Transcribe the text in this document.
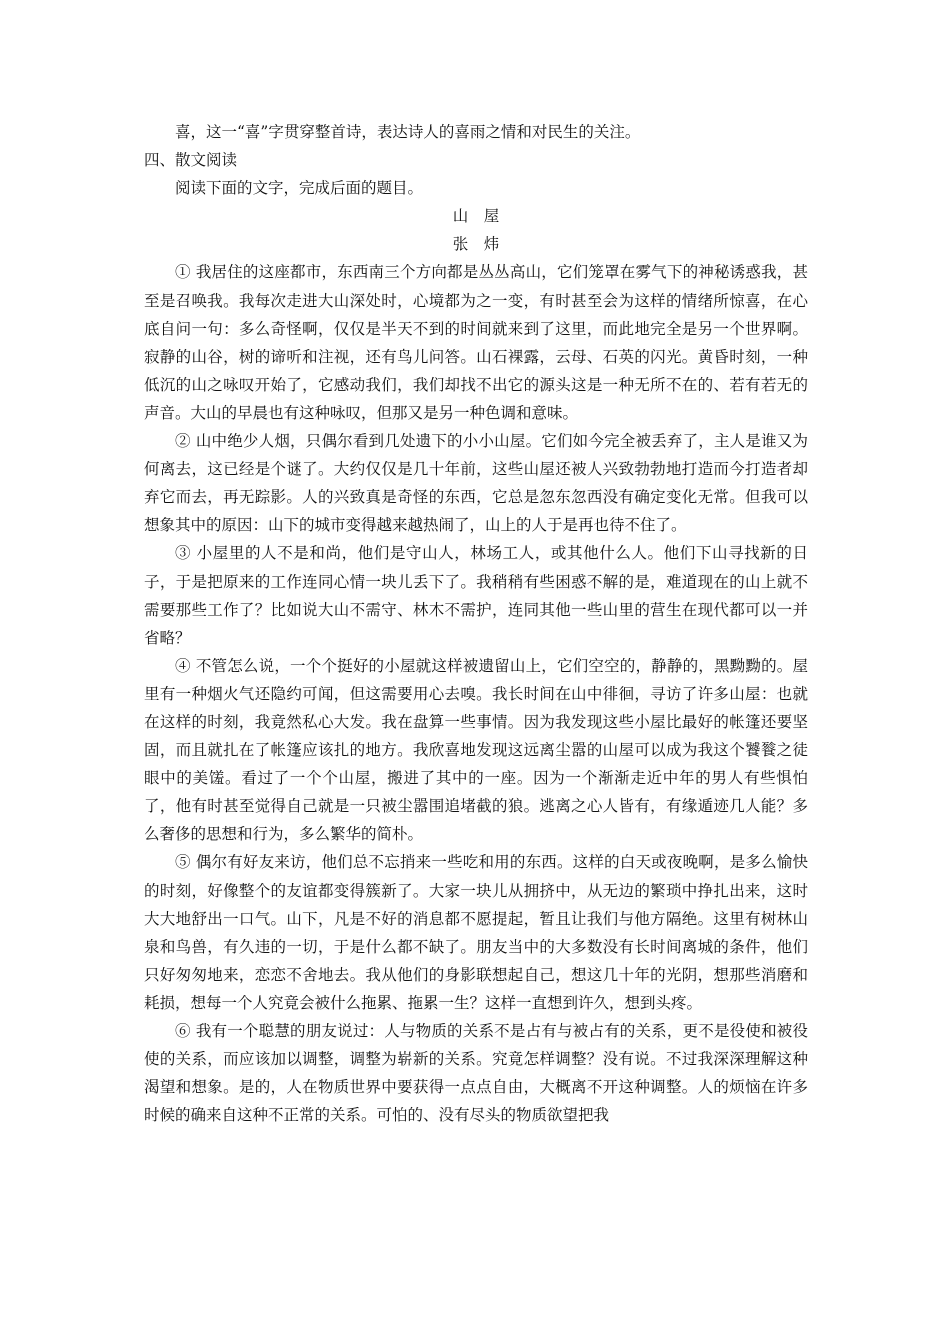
喜，这一“喜”字贯穿整首诗，表达诗人的喜雨之情和对民生的关注。
四、散文阅读
阅读下面的文字，完成后面的题目。
山　屋
张　炜

① 我居住的这座都市，东西南三个方向都是丛丛高山，它们笼罩在雾气下的神秘诱惑我，甚至是召唤我。我每次走进大山深处时，心境都为之一变，有时甚至会为这样的情绪所惊喜，在心底自问一句：多么奇怪啊，仅仅是半天不到的时间就来到了这里，而此地完全是另一个世界啊。寂静的山谷，树的谛听和注视，还有鸟儿问答。山石裸露，云母、石英的闪光。黄昏时刻，一种低沉的山之咏叹开始了，它感动我们，我们却找不出它的源头这是一种无所不在的、若有若无的声音。大山的早晨也有这种咏叹，但那又是另一种色调和意味。

② 山中绝少人烟，只偶尔看到几处遗下的小小山屋。它们如今完全被丢弃了，主人是谁又为何离去，这已经是个谜了。大约仅仅是几十年前，这些山屋还被人兴致勃勃地打造而今打造者却弃它而去，再无踪影。人的兴致真是奇怪的东西，它总是忽东忽西没有确定变化无常。但我可以想象其中的原因：山下的城市变得越来越热闹了，山上的人于是再也待不住了。

③ 小屋里的人不是和尚，他们是守山人，林场工人，或其他什么人。他们下山寻找新的日子，于是把原来的工作连同心情一块儿丢下了。我稍稍有些困惑不解的是，难道现在的山上就不需要那些工作了？比如说大山不需守、林木不需护，连同其他一些山里的营生在现代都可以一并省略？

④ 不管怎么说，一个个挺好的小屋就这样被遗留山上，它们空空的，静静的，黑黝黝的。屋里有一种烟火气还隐约可闻，但这需要用心去嗅。我长时间在山中徘徊，寻访了许多山屋：也就在这样的时刻，我竟然私心大发。我在盘算一些事情。因为我发现这些小屋比最好的帐篷还要坚固，而且就扎在了帐篷应该扎的地方。我欣喜地发现这远离尘嚣的山屋可以成为我这个饕餮之徒眼中的美馐。看过了一个个山屋，搬进了其中的一座。因为一个渐渐走近中年的男人有些惧怕了，他有时甚至觉得自己就是一只被尘嚣围追堵截的狼。逃离之心人皆有，有缘遁迹几人能？多么奢侈的思想和行为，多么繁华的简朴。

⑤ 偶尔有好友来访，他们总不忘捎来一些吃和用的东西。这样的白天或夜晚啊，是多么愉快的时刻，好像整个的友谊都变得簇新了。大家一块儿从拥挤中，从无边的繁琐中挣扎出来，这时大大地舒出一口气。山下，凡是不好的消息都不愿提起，暂且让我们与他方隔绝。这里有树林山泉和鸟兽，有久违的一切，于是什么都不缺了。朋友当中的大多数没有长时间离城的条件，他们只好匆匆地来，恋恋不舍地去。我从他们的身影联想起自己，想这几十年的光阴，想那些消磨和耗损，想每一个人究竟会被什么拖累、拖累一生？这样一直想到许久，想到头疼。

⑥ 我有一个聪慧的朋友说过：人与物质的关系不是占有与被占有的关系，更不是役使和被役使的关系，而应该加以调整，调整为崭新的关系。究竟怎样调整？没有说。不过我深深理解这种渴望和想象。是的，人在物质世界中要获得一点点自由，大概离不开这种调整。人的烦恼在许多时候的确来自这种不正常的关系。可怕的、没有尽头的物质欲望把我
